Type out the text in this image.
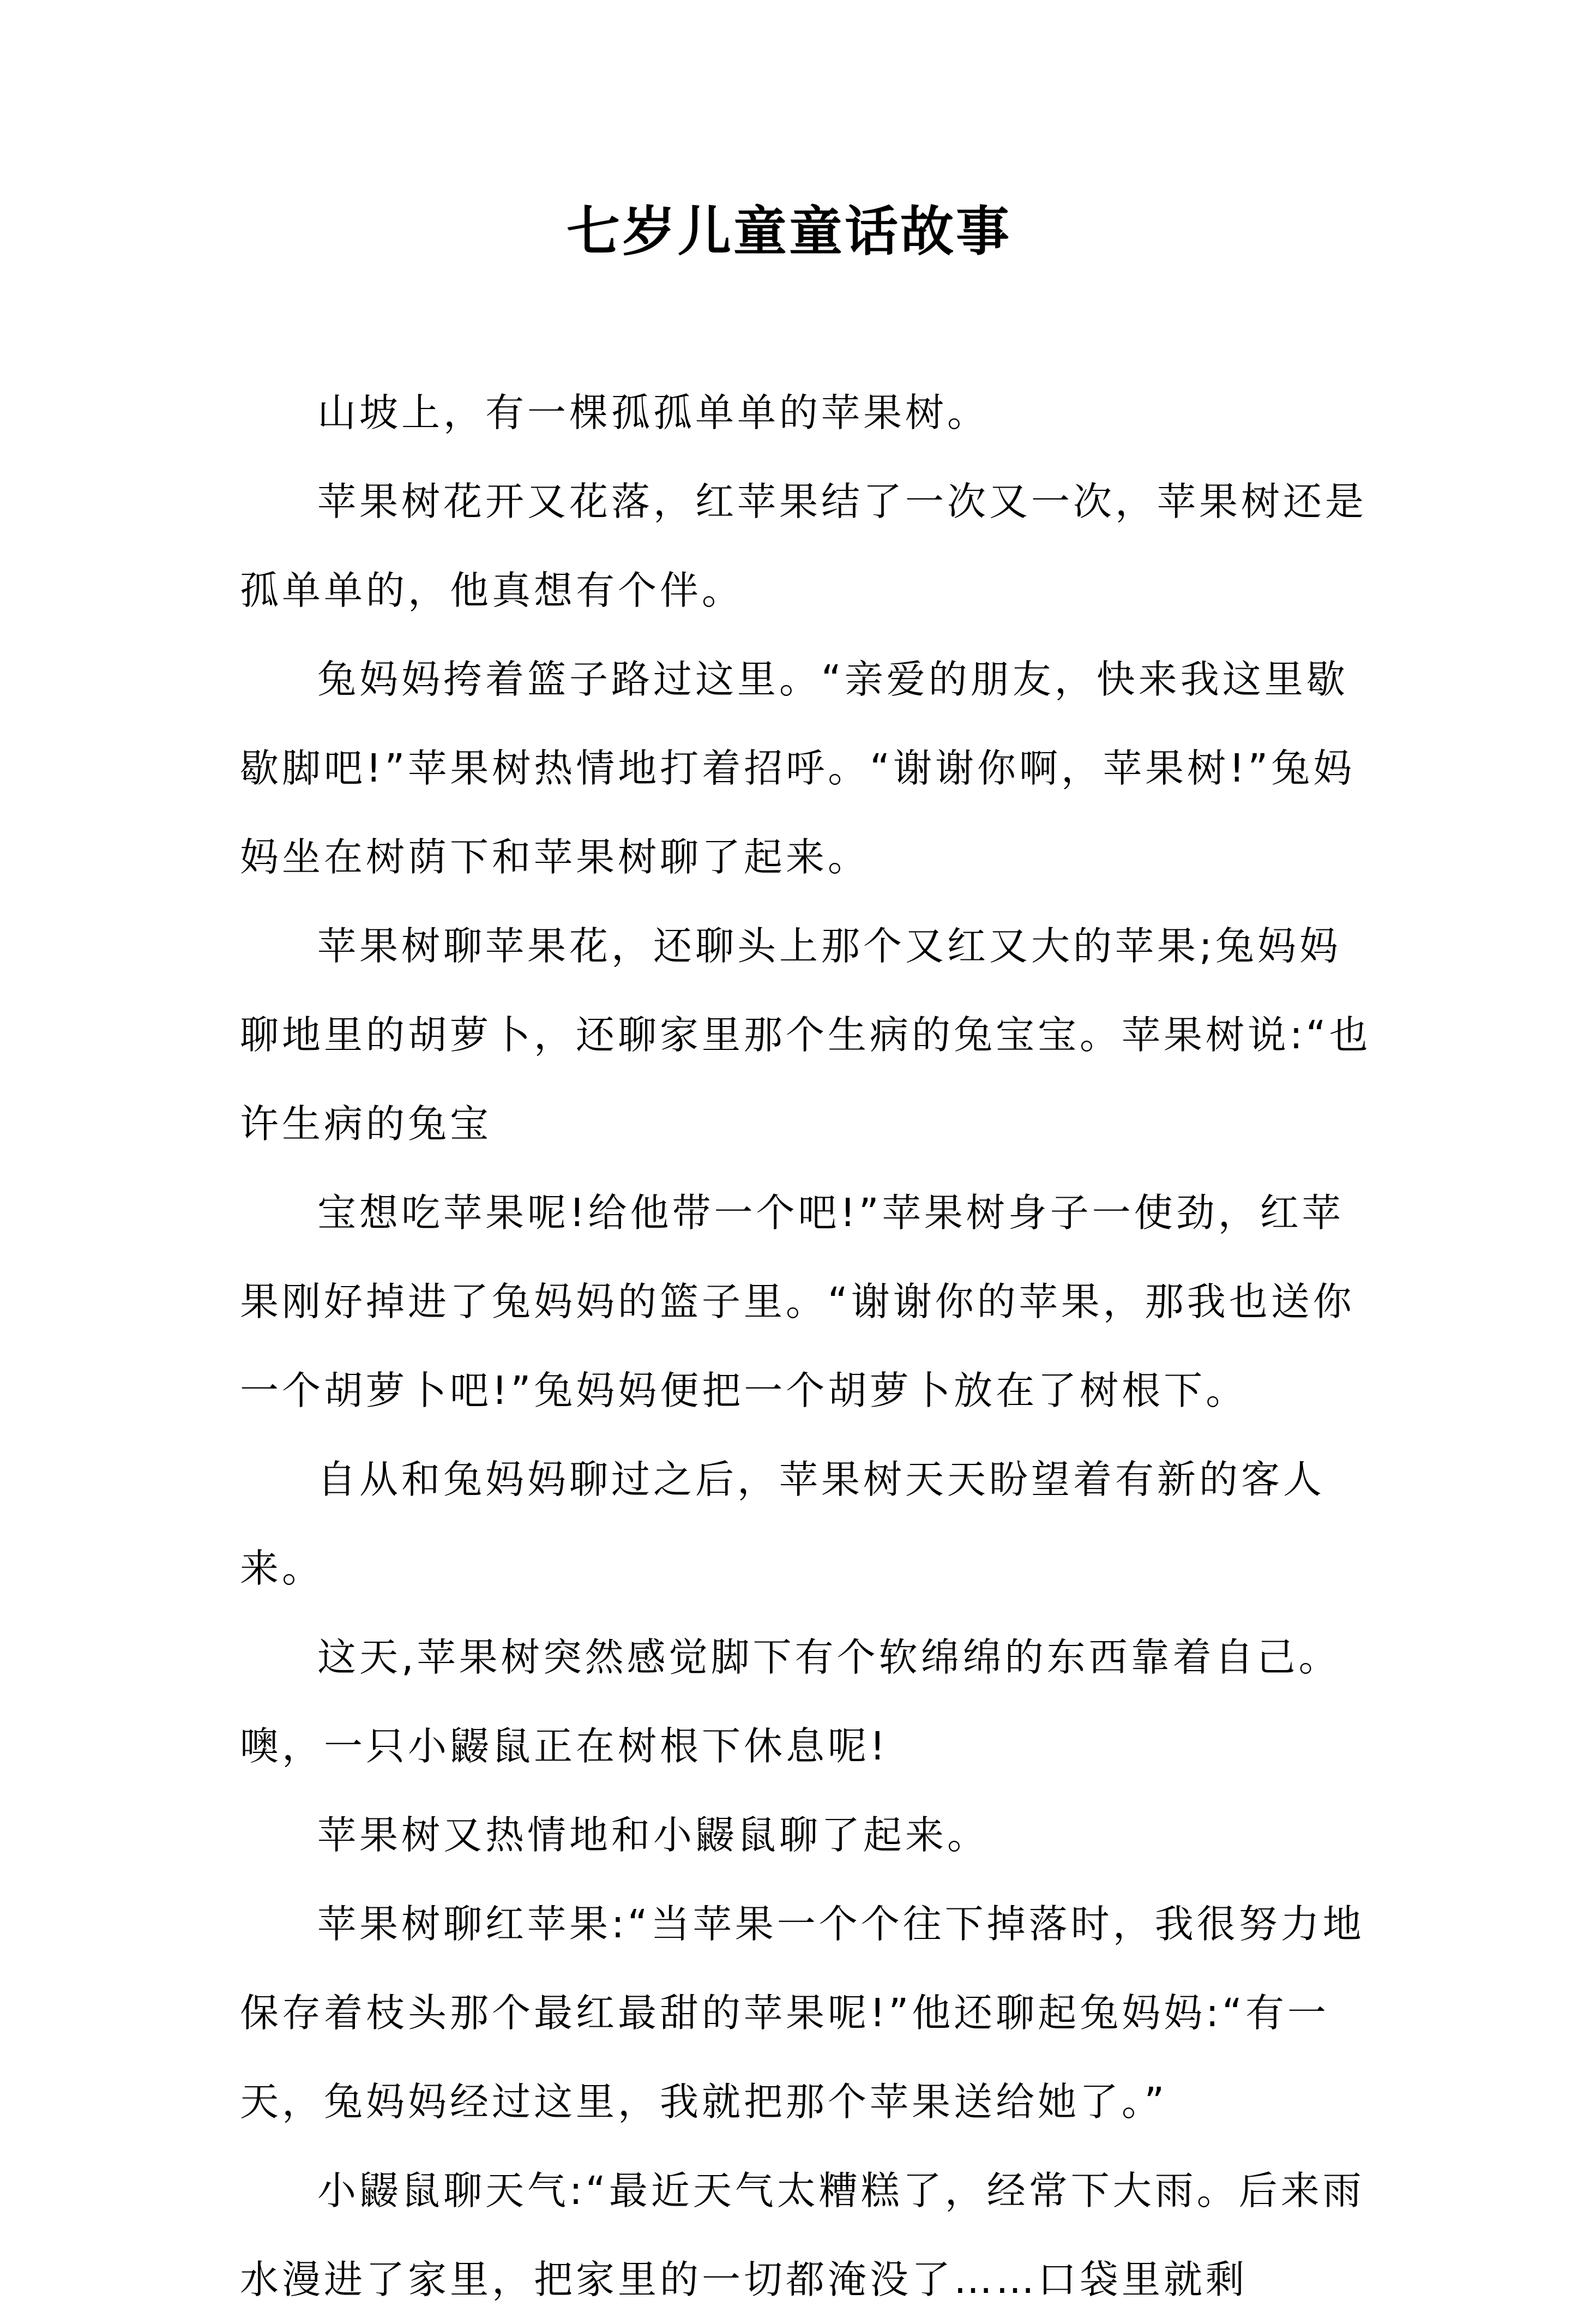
七岁儿童童话故事

山坡上，有一棵孤孤单单的苹果树。

苹果树花开又花落，红苹果结了一次又一次，苹果树还是孤单单的，他真想有个伴。

兔妈妈挎着篮子路过这里。“亲爱的朋友，快来我这里歇歇脚吧!”苹果树热情地打着招呼。“谢谢你啊，苹果树!”兔妈妈坐在树荫下和苹果树聊了起来。

苹果树聊苹果花，还聊头上那个又红又大的苹果;兔妈妈聊地里的胡萝卜，还聊家里那个生病的兔宝宝。苹果树说:“也许生病的兔宝

宝想吃苹果呢!给他带一个吧!”苹果树身子一使劲，红苹果刚好掉进了兔妈妈的篮子里。“谢谢你的苹果，那我也送你一个胡萝卜吧!”兔妈妈便把一个胡萝卜放在了树根下。

自从和兔妈妈聊过之后，苹果树天天盼望着有新的客人来。

这天,苹果树突然感觉脚下有个软绵绵的东西靠着自己。噢，一只小鼹鼠正在树根下休息呢!

苹果树又热情地和小鼹鼠聊了起来。

苹果树聊红苹果:“当苹果一个个往下掉落时，我很努力地保存着枝头那个最红最甜的苹果呢!”他还聊起兔妈妈:“有一天，兔妈妈经过这里，我就把那个苹果送给她了。”

小鼹鼠聊天气:“最近天气太糟糕了，经常下大雨。后来雨水漫进了家里，把家里的一切都淹没了……口袋里就剩
